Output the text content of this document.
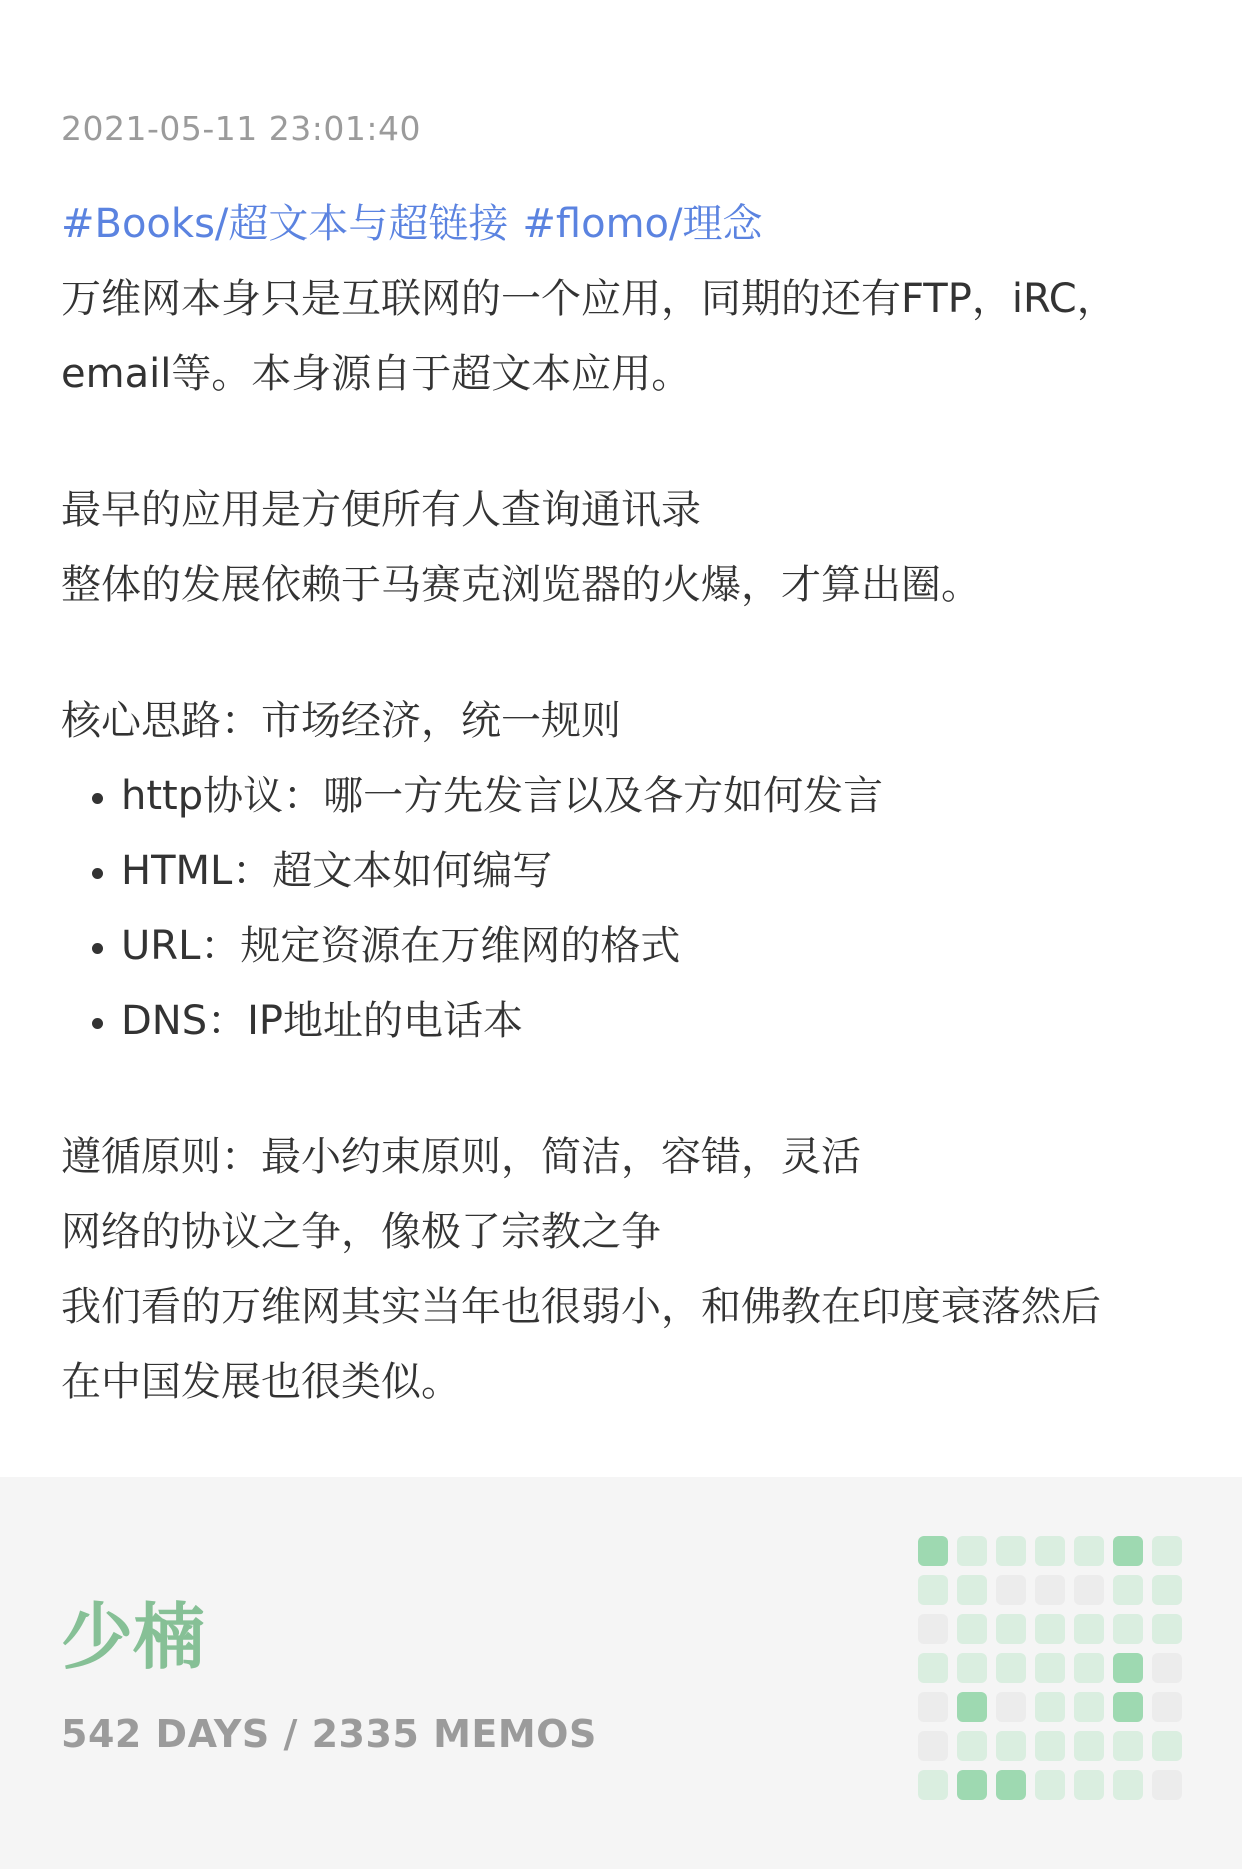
2021-05-11 23:01:40
#Books/超文本与超链接 #flomo/理念
万维网本身只是互联网的一个应用，同期的还有FTP，iRC，
email等。本身源自于超文本应用。
最早的应用是方便所有人查询通讯录
整体的发展依赖于马赛克浏览器的火爆，才算出圈。
核心思路：市场经济，统一规则
http协议：哪一方先发言以及各方如何发言
HTML：超文本如何编写
URL：规定资源在万维网的格式
DNS：IP地址的电话本
遵循原则：最小约束原则，简洁，容错，灵活
网络的协议之争，像极了宗教之争
我们看的万维网其实当年也很弱小，和佛教在印度衰落然后
在中国发展也很类似。
少楠
542 DAYS / 2335 MEMOS
